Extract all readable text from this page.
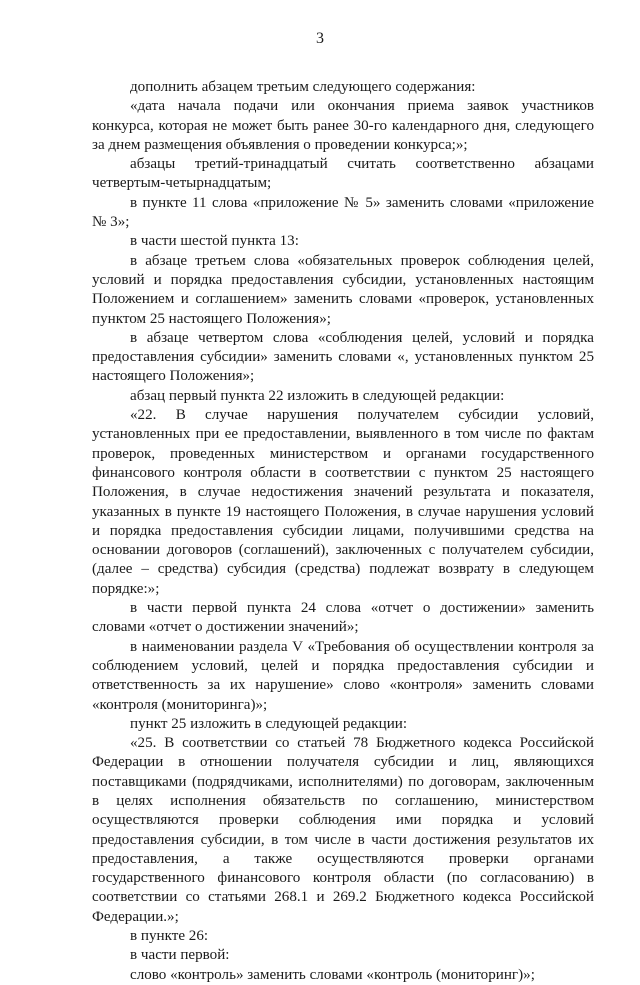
3

дополнить абзацем третьим следующего содержания:

«дата начала подачи или окончания приема заявок участников конкурса, которая не может быть ранее 30-го календарного дня, следующего за днем размещения объявления о проведении конкурса;»;

абзацы третий-тринадцатый считать соответственно абзацами четвертым-четырнадцатым;

в пункте 11 слова «приложение № 5» заменить словами «приложение № 3»;

в части шестой пункта 13:

в абзаце третьем слова «обязательных проверок соблюдения целей, условий и порядка предоставления субсидии, установленных настоящим Положением и соглашением» заменить словами «проверок, установленных пунктом 25 настоящего Положения»;

в абзаце четвертом слова «соблюдения целей, условий и порядка предоставления субсидии» заменить словами «, установленных пунктом 25 настоящего Положения»;

абзац первый пункта 22 изложить в следующей редакции:

«22. В случае нарушения получателем субсидии условий, установленных при ее предоставлении, выявленного в том числе по фактам проверок, проведенных министерством и органами государственного финансового контроля области в соответствии с пунктом 25 настоящего Положения, в случае недостижения значений результата и показателя, указанных в пункте 19 настоящего Положения, в случае нарушения условий и порядка предоставления субсидии лицами, получившими средства на основании договоров (соглашений), заключенных с получателем субсидии, (далее – средства) субсидия (средства) подлежат возврату в следующем порядке:»;

в части первой пункта 24 слова «отчет о достижении» заменить словами «отчет о достижении значений»;

в наименовании раздела V «Требования об осуществлении контроля за соблюдением условий, целей и порядка предоставления субсидии и ответственность за их нарушение» слово «контроля» заменить словами «контроля (мониторинга)»;

пункт 25 изложить в следующей редакции:

«25. В соответствии со статьей 78 Бюджетного кодекса Российской Федерации в отношении получателя субсидии и лиц, являющихся поставщиками (подрядчиками, исполнителями) по договорам, заключенным в целях исполнения обязательств по соглашению, министерством осуществляются проверки соблюдения ими порядка и условий предоставления субсидии, в том числе в части достижения результатов их предоставления, а также осуществляются проверки органами государственного финансового контроля области (по согласованию) в соответствии со статьями 268.1 и 269.2 Бюджетного кодекса Российской Федерации.»;

в пункте 26:

в части первой:

слово «контроль» заменить словами «контроль (мониторинг)»;
